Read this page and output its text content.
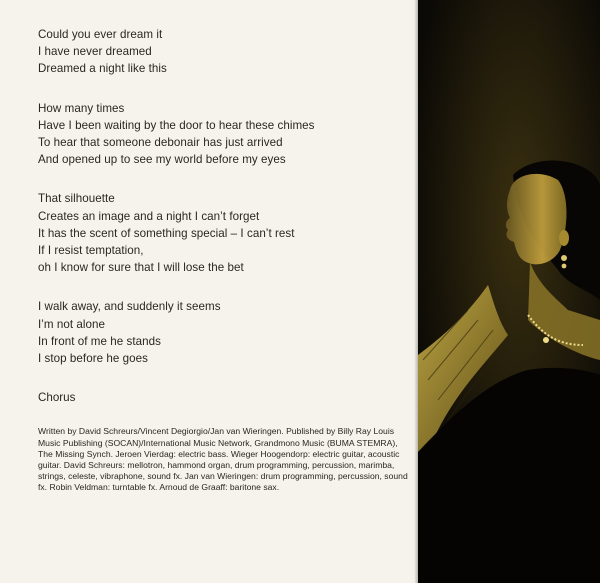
Could you ever dream it
I have never dreamed
Dreamed a night like this
How many times
Have I been waiting by the door to hear these chimes
To hear that someone debonair has just arrived
And opened up to see my world before my eyes
That silhouette
Creates an image and a night I can’t forget
It has the scent of something special – I can’t rest
If I resist temptation,
oh I know for sure that I will lose the bet
I walk away, and suddenly it seems
I’m not alone
In front of me he stands
I stop before he goes
Chorus

Written by David Schreurs/Vincent Degiorgio/Jan van Wieringen. Published by Billy Ray Louis Music Publishing (SOCAN)/International Music Network, Grandmono Music (BUMA STEMRA), The Missing Synch. Jeroen Vierdag: electric bass. Wieger Hoogendorp: electric guitar, acoustic guitar. David Schreurs: mellotron, hammond organ, drum programming, percussion, marimba, strings, celeste, vibraphone, sound fx. Jan van Wieringen: drum programming, percussion, sound fx. Robin Veldman: turntable fx. Arnoud de Graaff: baritone sax.
